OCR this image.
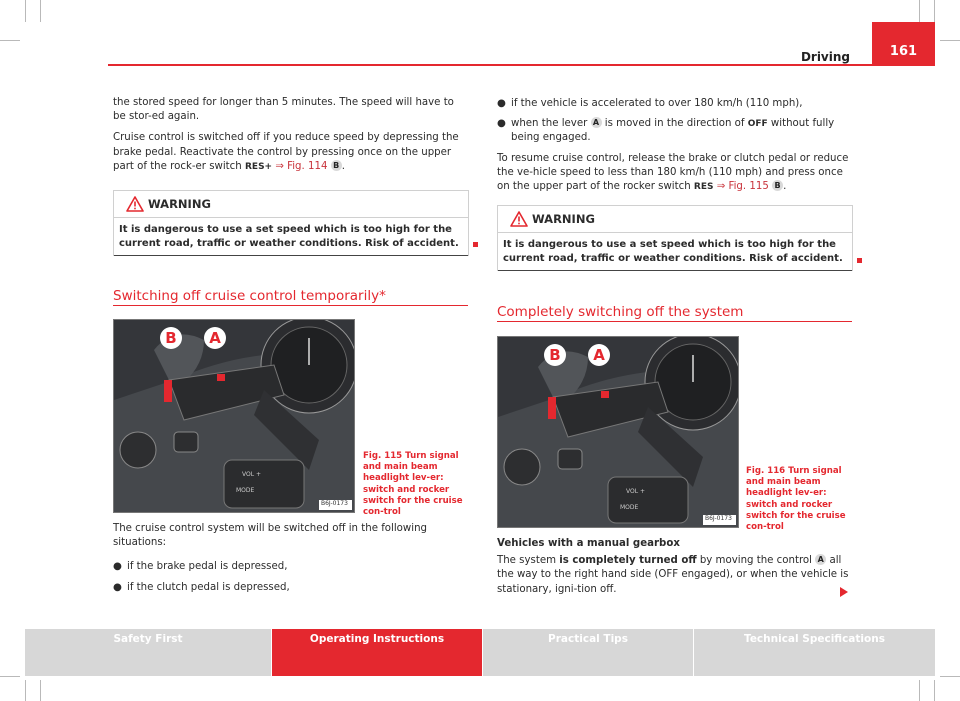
Driving	161

the stored speed for longer than 5 minutes. The speed will have to be stor-ed again.

Cruise control is switched off if you reduce speed by depressing the brake pedal. Reactivate the control by pressing once on the upper part of the rock-er switch RES+ ⇒ Fig. 114 B .

WARNING
It is dangerous to use a set speed which is too high for the current road, traffic or weather conditions. Risk of accident.
Switching off cruise control temporarily*
VOL +
MODE
B6J-0173
B	A
Fig. 115 Turn signal and main beam headlight lev-er: switch and rocker switch for the cruise con-trol

The cruise control system will be switched off in the following situations:

● if the brake pedal is depressed,
● if the clutch pedal is depressed,
● if the vehicle is accelerated to over 180 km/h (110 mph),
● when the lever A is moved in the direction of OFF without fully being engaged.

To resume cruise control, release the brake or clutch pedal or reduce the ve-hicle speed to less than 180 km/h (110 mph) and press once on the upper part of the rocker switch RES ⇒ Fig. 115 B .

WARNING
It is dangerous to use a set speed which is too high for the current road, traffic or weather conditions. Risk of accident.
Completely switching off the system
VOL +
MODE
B6J-0173
B	A
Fig. 116 Turn signal and main beam headlight lev-er: switch and rocker switch for the cruise con-trol

Vehicles with a manual gearbox

The system is completely turned off by moving the control A all the way to the right hand side (OFF engaged), or when the vehicle is stationary, igni-tion off.

Safety First	Operating Instructions	Practical Tips	Technical Specifications
